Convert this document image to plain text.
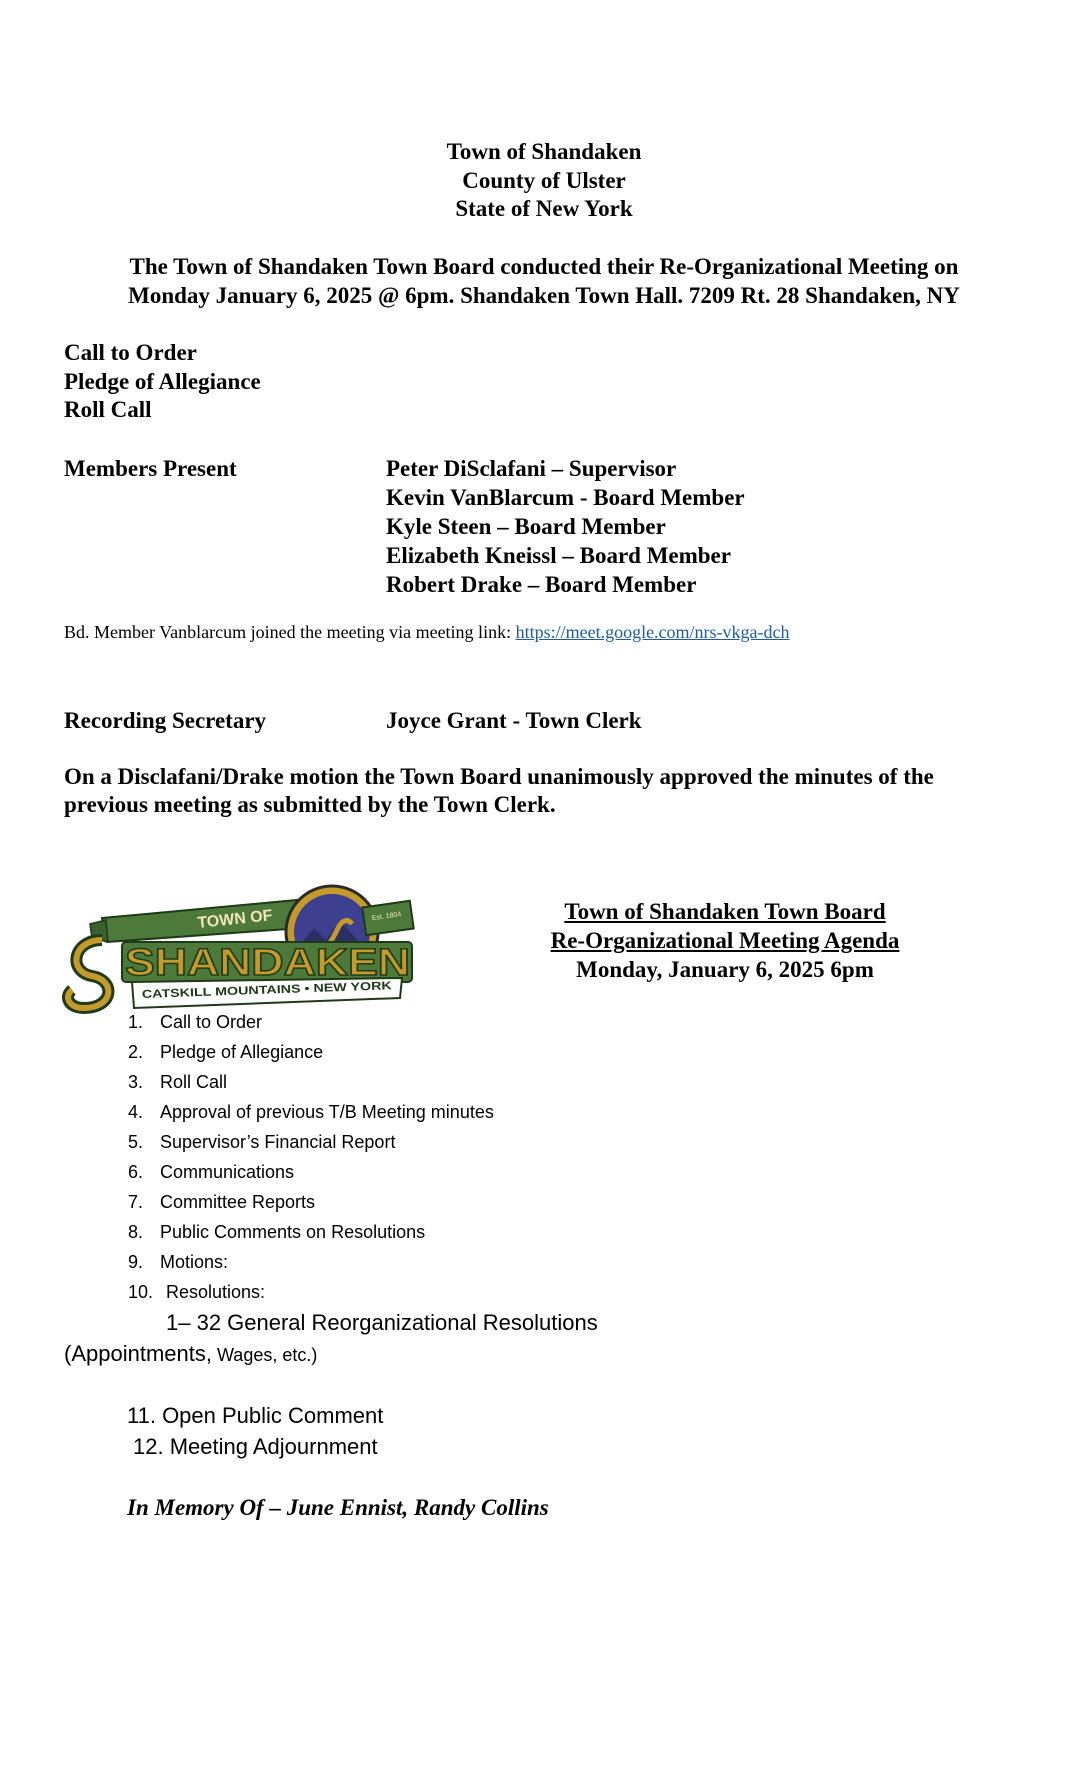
Town of Shandaken
County of Ulster
State of New York
The Town of Shandaken Town Board conducted their Re-Organizational Meeting on
Monday January 6, 2025 @ 6pm. Shandaken Town Hall. 7209 Rt. 28 Shandaken, NY
Call to Order
Pledge of Allegiance
Roll Call
Members Present	Peter DiSclafani – Supervisor
Kevin VanBlarcum - Board Member
Kyle Steen – Board Member
Elizabeth Kneissl – Board Member
Robert Drake – Board Member
Bd. Member Vanblarcum joined the meeting via meeting link: https://meet.google.com/nrs-vkga-dch
Recording Secretary	Joyce Grant - Town Clerk
On a Disclafani/Drake motion the Town Board unanimously approved the minutes of the
previous meeting as submitted by the Town Clerk.
TOWN OF
SHANDAKEN
CATSKILL MOUNTAINS • NEW YORK
Est. 1804	Town of Shandaken Town Board
Re-Organizational Meeting Agenda
Monday, January 6, 2025 6pm
1. Call to Order
2. Pledge of Allegiance
3. Roll Call
4. Approval of previous T/B Meeting minutes
5. Supervisor’s Financial Report
6. Communications
7. Committee Reports
8. Public Comments on Resolutions
9. Motions:
10. Resolutions:
1– 32 General Reorganizational Resolutions
(Appointments, Wages, etc.)
11. Open Public Comment
12. Meeting Adjournment
In Memory Of – June Ennist, Randy Collins
